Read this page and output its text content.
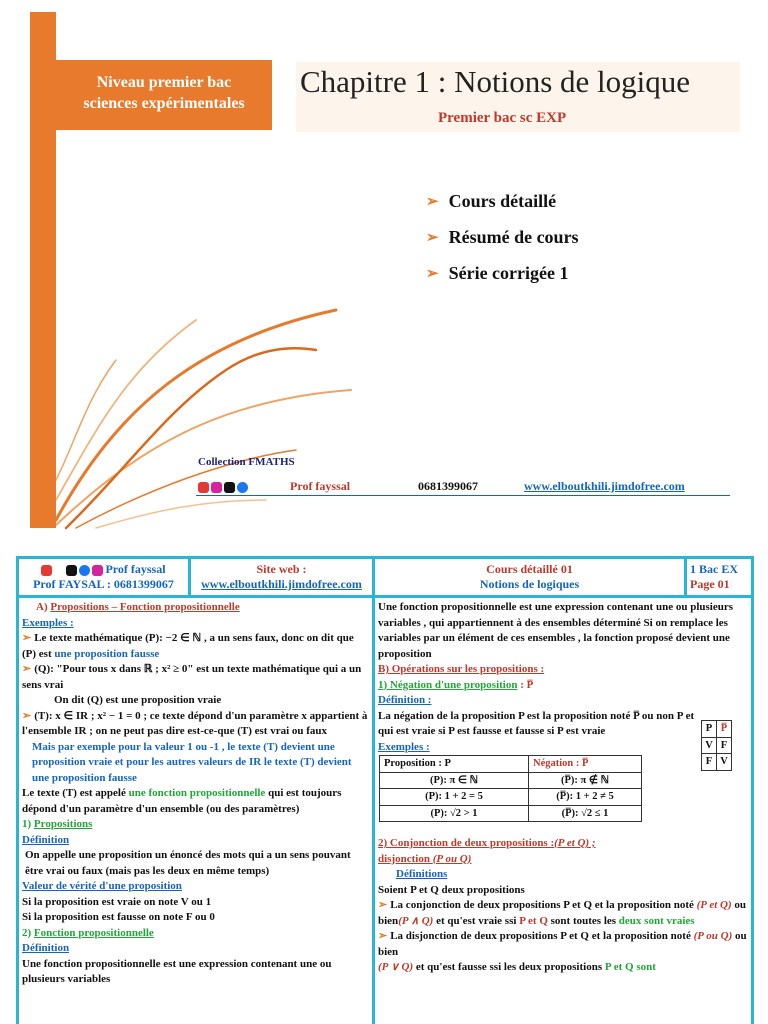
Niveau premier bac
sciences expérimentales
Chapitre 1 : Notions de logique
Premier bac sc EXP
➢ Cours détaillé
➢ Résumé de cours
➢ Série corrigée 1
Collection FMATHS
Prof fayssal	0681399067	www.elboutkhili.jimdofree.com
Prof fayssal
Prof FAYSAL : 0681399067
Site web :
www.elboutkhili.jimdofree.com
Cours détaillé 01
Notions de logiques
1 Bac EX
Page 01

A) Propositions – Fonction propositionnelle

Exemples :

➢ Le texte mathématique (P): −2 ∈ ℕ , a un sens faux, donc on dit que (P) est une proposition fausse

➢ (Q): "Pour tous x dans ℝ ; x² ≥ 0" est un texte mathématique qui a un sens vrai

On dit (Q) est une proposition vraie

➢ (T): x ∈ IR ; x² − 1 = 0 ; ce texte dépond d'un paramètre x appartient à l'ensemble IR ; on ne peut pas dire est-ce-que (T) est vrai ou faux

Mais par exemple pour la valeur 1 ou -1 , le texte (T) devient une proposition vraie et pour les autres valeurs de IR le texte (T) devient une proposition fausse

Le texte (T) est appelé une fonction propositionnelle qui est toujours dépond d'un paramètre d'un ensemble (ou des paramètres)

1) Propositions

Définition

On appelle une proposition un énoncé des mots qui a un sens pouvant être vrai ou faux (mais pas les deux en même temps)

Valeur de vérité d'une proposition

Si la proposition est vraie on note V ou 1

Si la proposition est fausse on note F ou 0

2) Fonction propositionnelle

Définition

Une fonction propositionnelle est une expression contenant une ou plusieurs variables

Une fonction propositionnelle est une expression contenant une ou plusieurs variables , qui appartiennent à des ensembles déterminé Si on remplace les variables par un élément de ces ensembles , la fonction proposé devient une proposition

B) Opérations sur les propositions :

1) Négation d'une proposition : P̅

Définition :

La négation de la proposition P est la proposition noté P̅ ou non P et qui est vraie si P est fausse et fausse si P est vraie

Exemples :

P	P̅
V	F
F	V
Proposition : P	Négation : P̅
(P): π ∈ ℕ	(P̅): π ∉ ℕ
(P): 1 + 2 = 5	(P̅): 1 + 2 ≠ 5
(P): √2 > 1	(P̅): √2 ≤ 1

2) Conjonction de deux propositions :(P et Q) ;

disjonction (P ou Q)

Définitions

Soient P et Q deux propositions

➢ La conjonction de deux propositions P et Q et la proposition noté (P et Q) ou bien(P ∧ Q) et qu'est vraie ssi P et Q sont toutes les deux sont vraies

➢ La disjonction de deux propositions P et Q et la proposition noté (P ou Q) ou bien
(P ∨ Q) et qu'est fausse ssi les deux propositions P et Q sont
